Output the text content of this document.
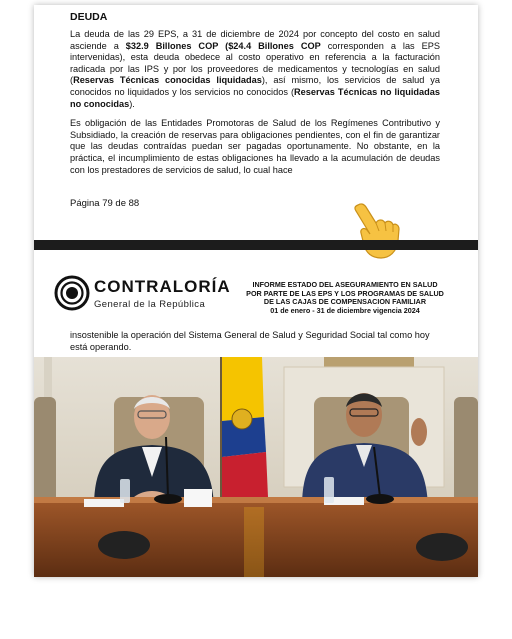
DEUDA

La deuda de las 29 EPS, a 31 de diciembre de 2024 por concepto del costo en salud asciende a $32.9 Billones COP ($24.4 Billones COP corresponden a las EPS intervenidas), esta deuda obedece al costo operativo en referencia a la facturación radicada por las IPS y por los proveedores de medicamentos y tecnologías en salud (Reservas Técnicas conocidas liquidadas), así mismo, los servicios de salud ya conocidos no liquidados y los servicios no conocidos (Reservas Técnicas no liquidadas no conocidas).

Es obligación de las Entidades Promotoras de Salud de los Regímenes Contributivo y Subsidiado, la creación de reservas para obligaciones pendientes, con el fin de garantizar que las deudas contraídas puedan ser pagadas oportunamente. No obstante, en la práctica, el incumplimiento de estas obligaciones ha llevado a la acumulación de deudas con los prestadores de servicios de salud, lo cual hace

Página 79 de 88
CONTRALORÍA
General de la República
INFORME ESTADO DEL ASEGURAMIENTO EN SALUD
POR PARTE DE LAS EPS Y LOS PROGRAMAS DE SALUD
DE LAS CAJAS DE COMPENSACION FAMILIAR
01 de enero - 31 de diciembre vigencia 2024
insostenible la operación del Sistema General de Salud y Seguridad Social tal como hoy está operando.
